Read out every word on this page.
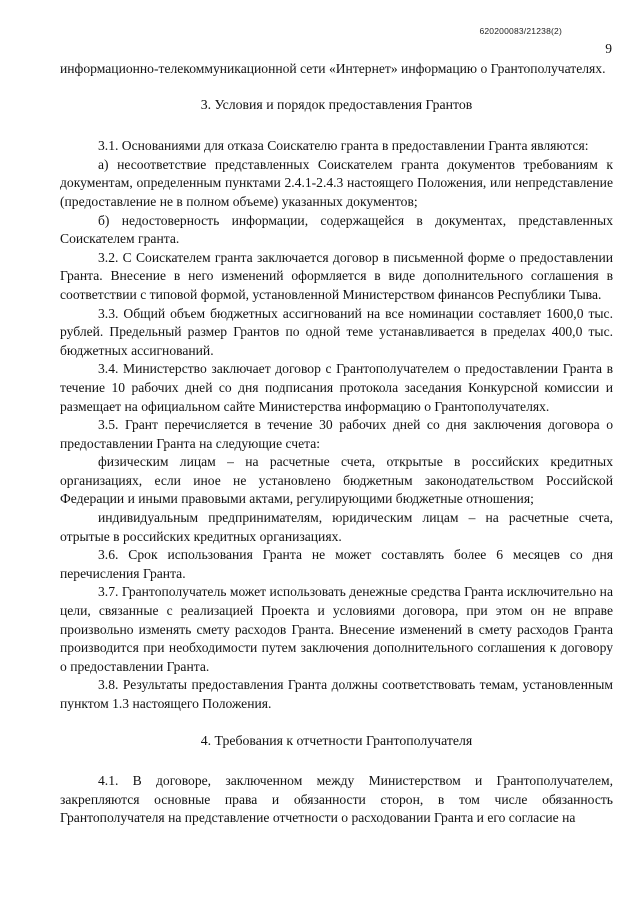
620200083/21238(2)
9

информационно-телекоммуникационной сети «Интернет» информацию о Грантополучателях.

3. Условия и порядок предоставления Грантов

3.1. Основаниями для отказа Соискателю гранта в предоставлении Гранта являются:

а) несоответствие представленных Соискателем гранта документов требованиям к документам, определенным пунктами 2.4.1-2.4.3 настоящего Положения, или непредставление (предоставление не в полном объеме) указанных документов;

б) недостоверность информации, содержащейся в документах, представленных Соискателем гранта.

3.2. С Соискателем гранта заключается договор в письменной форме о предоставлении Гранта. Внесение в него изменений оформляется в виде дополнительного соглашения в соответствии с типовой формой, установленной Министерством финансов Республики Тыва.

3.3. Общий объем бюджетных ассигнований на все номинации составляет 1600,0 тыс. рублей. Предельный размер Грантов по одной теме устанавливается в пределах 400,0 тыс. бюджетных ассигнований.

3.4. Министерство заключает договор с Грантополучателем о предоставлении Гранта в течение 10 рабочих дней со дня подписания протокола заседания Конкурсной комиссии и размещает на официальном сайте Министерства информацию о Грантополучателях.

3.5. Грант перечисляется в течение 30 рабочих дней со дня заключения договора о предоставлении Гранта на следующие счета:

физическим лицам – на расчетные счета, открытые в российских кредитных организациях, если иное не установлено бюджетным законодательством Российской Федерации и иными правовыми актами, регулирующими бюджетные отношения;

индивидуальным предпринимателям, юридическим лицам – на расчетные счета, отрытые в российских кредитных организациях.

3.6. Срок использования Гранта не может составлять более 6 месяцев со дня перечисления Гранта.

3.7. Грантополучатель может использовать денежные средства Гранта исключительно на цели, связанные с реализацией Проекта и условиями договора, при этом он не вправе произвольно изменять смету расходов Гранта. Внесение изменений в смету расходов Гранта производится при необходимости путем заключения дополнительного соглашения к договору о предоставлении Гранта.

3.8. Результаты предоставления Гранта должны соответствовать темам, установленным пунктом 1.3 настоящего Положения.

4. Требования к отчетности Грантополучателя

4.1. В договоре, заключенном между Министерством и Грантополучателем, закрепляются основные права и обязанности сторон, в том числе обязанность Грантополучателя на представление отчетности о расходовании Гранта и его согласие на
